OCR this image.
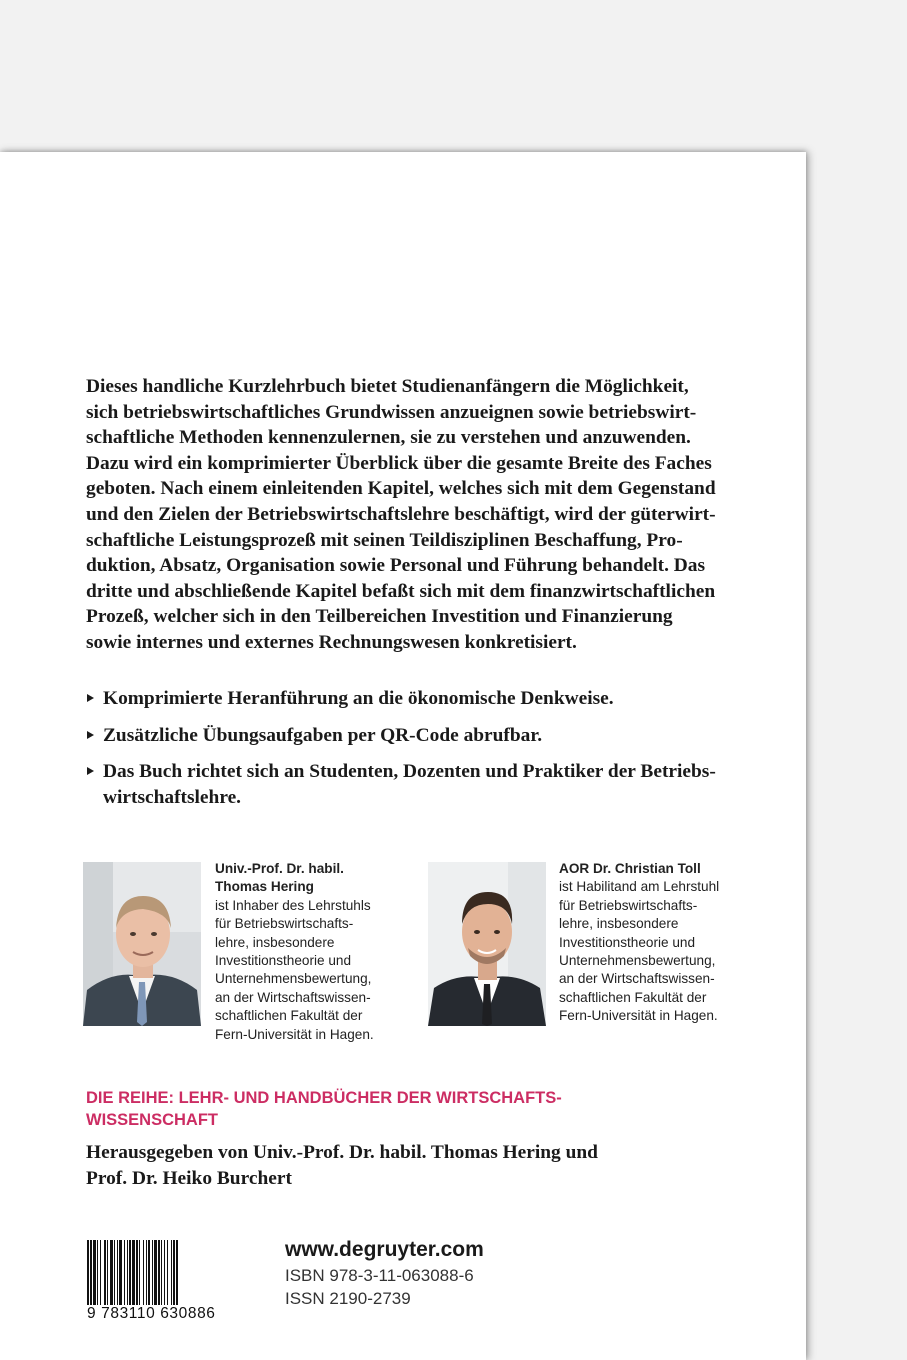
Dieses handliche Kurzlehrbuch bietet Studienanfängern die Möglichkeit,
sich betriebswirtschaftliches Grundwissen anzueignen sowie betriebswirt-
schaftliche Methoden kennenzulernen, sie zu verstehen und anzuwenden.
Dazu wird ein komprimierter Überblick über die gesamte Breite des Faches
geboten. Nach einem einleitenden Kapitel, welches sich mit dem Gegenstand
und den Zielen der Betriebswirtschaftslehre beschäftigt, wird der güterwirt-
schaftliche Leistungsprozeß mit seinen Teildisziplinen Beschaffung, Pro-
duktion, Absatz, Organisation sowie Personal und Führung behandelt. Das
dritte und abschließende Kapitel befaßt sich mit dem finanzwirtschaftlichen
Prozeß, welcher sich in den Teilbereichen Investition und Finanzierung
sowie internes und externes Rechnungswesen konkretisiert.

Komprimierte Heranführung an die ökonomische Denkweise.
Zusätzliche Übungsaufgaben per QR-Code abrufbar.
Das Buch richtet sich an Studenten, Dozenten und Praktiker der Betriebs-
wirtschaftslehre.
Univ.-Prof. Dr. habil.
Thomas Hering
ist Inhaber des Lehrstuhls
für Betriebswirtschafts-
lehre, insbesondere
Investitionstheorie und
Unternehmensbewertung,
an der Wirtschaftswissen-
schaftlichen Fakultät der
Fern-Universität in Hagen.
AOR Dr. Christian Toll
ist Habilitand am Lehrstuhl
für Betriebswirtschafts-
lehre, insbesondere
Investitionstheorie und
Unternehmensbewertung,
an der Wirtschaftswissen-
schaftlichen Fakultät der
Fern-Universität in Hagen.
DIE REIHE: LEHR- UND HANDBÜCHER DER WIRTSCHAFTS-
WISSENSCHAFT
Herausgegeben von Univ.-Prof. Dr. habil. Thomas Hering und
Prof. Dr. Heiko Burchert
9 783110 630886
www.degruyter.com
ISBN 978-3-11-063088-6
ISSN 2190-2739
